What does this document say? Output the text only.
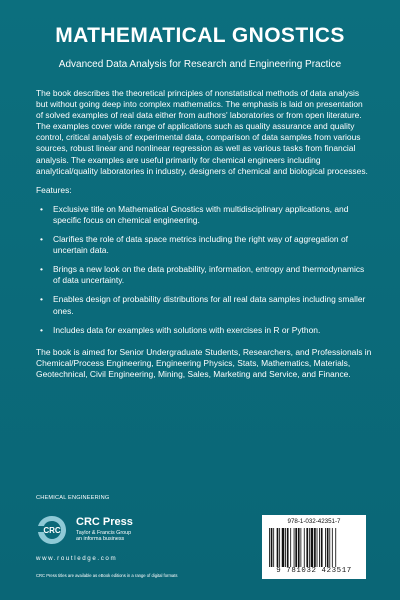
MATHEMATICAL GNOSTICS
Advanced Data Analysis for Research and Engineering Practice

The book describes the theoretical principles of nonstatistical methods of data analysis but without going deep into complex mathematics. The emphasis is laid on presentation of solved examples of real data either from authors' laboratories or from open literature. The examples cover wide range of applications such as quality assurance and quality control, critical analysis of experimental data, comparison of data samples from various sources, robust linear and nonlinear regression as well as various tasks from financial analysis. The examples are useful primarily for chemical engineers including analytical/quality laboratories in industry, designers of chemical and biological processes.

Features:

• Exclusive title on Mathematical Gnostics with multidisciplinary applications, and specific focus on chemical engineering.
• Clarifies the role of data space metrics including the right way of aggregation of uncertain data.
• Brings a new look on the data probability, information, entropy and thermodynamics of data uncertainty.
• Enables design of probability distributions for all real data samples including smaller ones.
• Includes data for examples with solutions with exercises in R or Python.

The book is aimed for Senior Undergraduate Students, Researchers, and Professionals in Chemical/Process Engineering, Engineering Physics, Stats, Mathematics, Materials, Geotechnical, Civil Engineering, Mining, Sales, Marketing and Service, and Finance.

CHEMICAL ENGINEERING
CRC
CRC Press
Taylor & Francis Group
an informa business
www.routledge.com
CRC Press titles are available as eBook editions in a range of digital formats
978-1-032-42351-7
9 781032 423517
